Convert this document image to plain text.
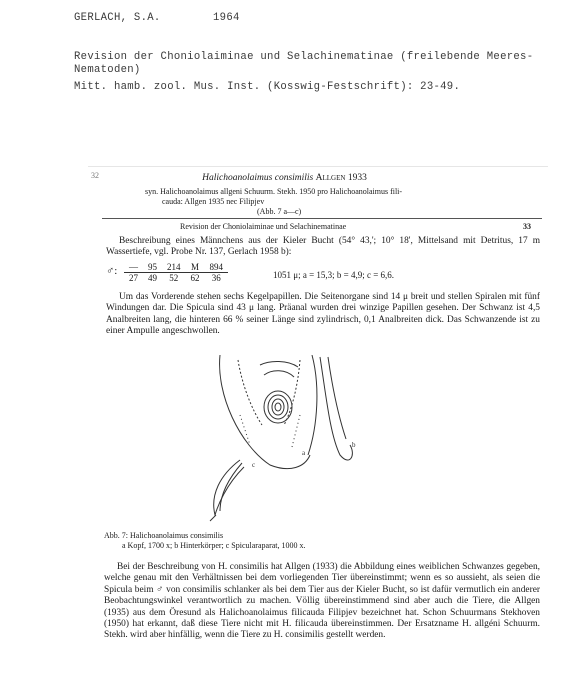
GERLACH, S.A.	1964
Revision der Choniolaiminae und Selachinematinae (freilebende Meeres-
Nematoden)
Mitt. hamb. zool. Mus. Inst. (Kosswig-Festschrift): 23-49.
32	Halichoanolaimus consimilis Allgen 1933
syn. Halichoanolaimus allgeni Schuurm. Stekh. 1950 pro Halichoanolaimus fili-
cauda: Allgen 1935 nec Filipjev
(Abb. 7 a—c)
Revision der Choniolaiminae und Selachinematinae	33
Beschreibung eines Männchens aus der Kieler Bucht (54° 43,'; 10° 18', Mittelsand mit Detritus, 17 m Wassertiefe, vgl. Probe Nr. 137, Gerlach 1958 b):
♂: —	95	214	M	894
27	49	52	62	36	1051 μ; a = 15,3; b = 4,9; c = 6,6.
Um das Vorderende stehen sechs Kegelpapillen. Die Seitenorgane sind 14 μ breit und stellen Spiralen mit fünf Windungen dar. Die Spicula sind 43 μ lang. Präanal wurden drei winzige Papillen gesehen. Der Schwanz ist 4,5 Analbreiten lang, die hinteren 66 % seiner Länge sind zylindrisch, 0,1 Analbreiten dick. Das Schwanzende ist zu einer Ampulle angeschwollen.
a
b
c
Abb. 7: Halichoanolaimus consimilis
a Kopf, 1700 x; b Hinterkörper; c Spicularaparat, 1000 x.
Bei der Beschreibung von H. consimilis hat Allgen (1933) die Abbildung eines weiblichen Schwanzes gegeben, welche genau mit den Verhältnissen bei dem vorliegenden Tier übereinstimmt; wenn es so aussieht, als seien die Spicula beim ♂ von consimilis schlanker als bei dem Tier aus der Kieler Bucht, so ist dafür vermutlich ein anderer Beobachtungswinkel verantwortlich zu machen. Völlig übereinstimmend sind aber auch die Tiere, die Allgen (1935) aus dem Öresund als Halichoanolaimus filicauda Filipjev bezeichnet hat. Schon Schuurmans Stekhoven (1950) hat erkannt, daß diese Tiere nicht mit H. filicauda übereinstimmen. Der Ersatzname H. allgéni Schuurm. Stekh. wird aber hinfällig, wenn die Tiere zu H. consimilis gestellt werden.
